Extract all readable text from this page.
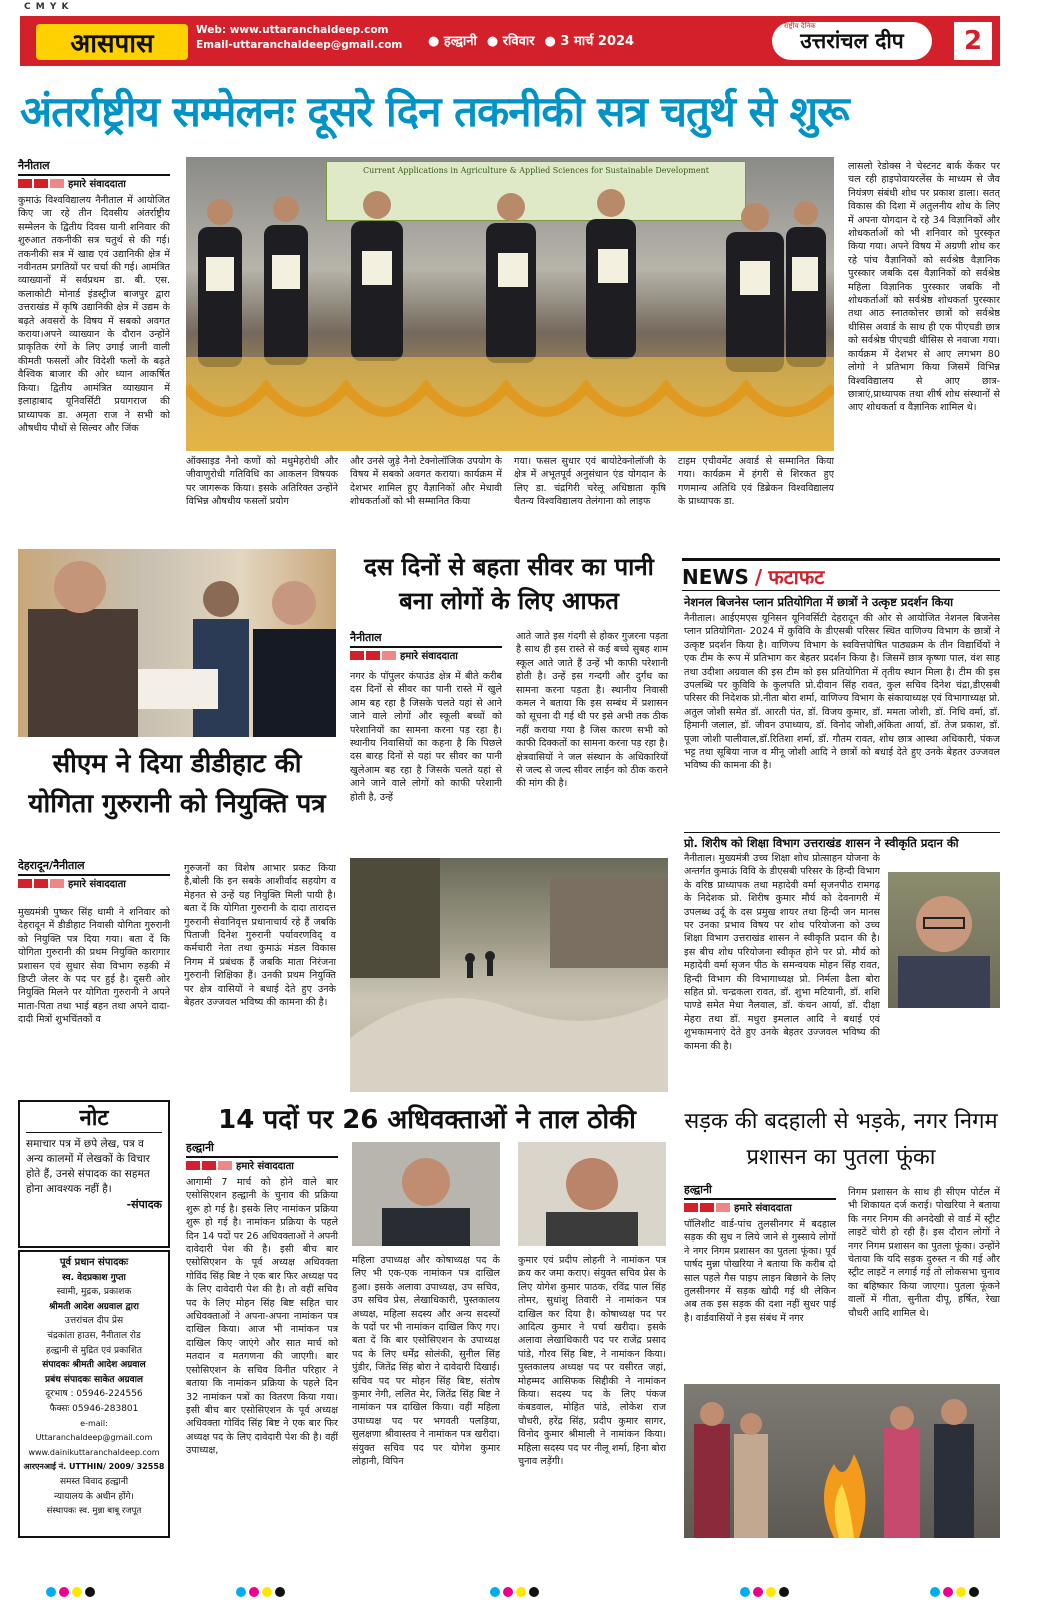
C M Y K
आसपास	Web: www.uttaranchaldeep.com
Email-uttaranchaldeep@gmail.com ● हल्द्वानी ● रविवार ● 3 मार्च 2024
राष्ट्रीय दैनिक
उत्तरांचल दीप	2
अंतर्राष्ट्रीय सम्मेलनः दूसरे दिन तकनीकी सत्र चतुर्थ से शुरू
नैनीताल
हमारे संवाददाता
कुमाऊं विश्वविद्यालय नैनीताल में आयोजित किए जा रहे तीन दिवसीय अंतर्राष्ट्रीय सम्मेलन के द्वितीय दिवस यानी शनिवार की शुरुआत तकनीकी सत्र चतुर्थ से की गई। तकनीकी सत्र में खाद्य एवं उद्यानिकी क्षेत्र में नवीनतम प्रगतियों पर चर्चा की गई। आमंत्रित व्याख्यानों में सर्वप्रथम डा. बी. एस. कलाकोटी मोनार्ड इंडस्ट्रीज बाजपुर द्वारा उत्तराखंड में कृषि उद्यानिकी क्षेत्र में उद्यम के बढ़ते अवसरों के विषय में सबको अवगत कराया।अपने व्याख्यान के दौरान उन्होंने प्राकृतिक रंगों के लिए उगाई जानी वाली कीमती फसलों और विदेशी फलों के बढ़ते वैश्विक बाजार की ओर ध्यान आकर्षित किया। द्वितीय आमंत्रित व्याख्यान में इलाहाबाद यूनिवर्सिटी प्रयागराज की प्राध्यापक डा. अमृता राज ने सभी को औषधीय पौधों से सिल्वर और जिंक
Current Applications in Agriculture & Applied Sciences for Sustainable Development
ऑक्साइड नैनो कणों को मधुमेहरोधी और जीवाणुरोधी गतिविधि का आकलन विषयक पर जागरूक किया। इसके अतिरिक्त उन्होंने विभिन्न औषधीय फसलों प्रयोग
और उनसे जुड़े नैनो टेक्नोलॉजिक उपयोग के विषय में सबको अवगत कराया। कार्यक्रम में देशभर शामिल हुए वैज्ञानिकों और मेधावी शोधकर्ताओं को भी सम्मानित किया
गया। फसल सुधार एवं बायोटेक्नोलॉजी के क्षेत्र में अभूतपूर्व अनुसंधान एंड योगदान के लिए डा. चंद्रगिरी चरेलू अधिष्ठाता कृषि चैतन्य विश्वविद्यालय तेलंगाना को लाइफ
टाइम एचीवमेंट अवार्ड से सम्मानित किया गया। कार्यक्रम में हंगरी से शिरकत हुए गणमान्य अतिथि एवं डिब्रेकन विश्वविद्यालय के प्राध्यापक डा.
लासलो रेडोक्स ने चेस्टनट बार्क केंकर पर चल रही हाइपोवायरलेंस के माध्यम से जैव नियंत्रण संबंधी शोध पर प्रकाश डाला। सतत् विकास की दिशा में अतुलनीय शोध के लिए में अपना योगदान दे रहे 34 विज्ञानिकों और शोधकर्ताओं को भी शनिवार को पुरस्कृत किया गया। अपने विषय में अग्रणी शोध कर रहे पांच वैज्ञानिकों को सर्वश्रेष्ठ वैज्ञानिक पुरस्कार जबकि दस वैज्ञानिकों को सर्वश्रेष्ठ महिला विज्ञानिक पुरस्कार जबकि नौ शोधकर्ताओं को सर्वश्रेष्ठ शोधकर्ता पुरस्कार तथा आठ स्नातकोत्तर छात्रों को सर्वश्रेष्ठ थीसिस अवार्ड के साथ ही एक पीएचडी छात्र को सर्वश्रेष्ठ पीएचडी थीसिस से नवाजा गया। कार्यक्रम में देशभर से आए लगभग 80 लोगो ने प्रतिभाग किया जिसमें विभिन्न विश्वविद्यालय से आए छात्र-छात्राएं,प्राध्यापक तथा शीर्ष शोध संस्थानों से आए शोधकर्ता व वैज्ञानिक शामिल थे।
सीएम ने दिया डीडीहाट की योगिता गुरुरानी को नियुक्ति पत्र
देहरादून/नैनीताल
हमारे संवाददाता
मुख्यमंत्री पुष्कर सिंह धामी ने शनिवार को देहरादून में डीडीहाट निवासी योगिता गुरुरानी को नियुक्ति पत्र दिया गया। बता दें कि योगिता गुरुरानी की प्रथम नियुक्ति कारागार प्रशासन एवं सुधार सेवा विभाग रुड़की में डिप्टी जेलर के पद पर हुई है। दूसरी ओर नियुक्ति मिलने पर योगिता गुरुरानी ने अपने माता-पिता तथा भाई बहन तथा अपने दादा-दादी मित्रों शुभचिंतकों व
गुरुजनों का विशेष आभार प्रकट किया है,बोली कि इन सबके आशीर्वाद सहयोग व मेहनत से उन्हें यह नियुक्ति मिली पायी है। बता दें कि योगिता गुरुरानी के दादा तारादत्त गुरुरानी सेवानिवृत्त प्रधानाचार्य रहे हैं जबकि पिताजी दिनेश गुरुरानी पर्यावरणविद् व कर्मचारी नेता तथा कुमाऊं मंडल विकास निगम में प्रबंधक हैं जबकि माता निरंजना गुरुरानी शिक्षिका हैं। उनकी प्रथम नियुक्ति पर क्षेत्र वासियों ने बधाई देते हुए उनके बेहतर उज्जवल भविष्य की कामना की है।
दस दिनों से बहता सीवर का पानी बना लोगों के लिए आफत
नैनीताल
हमारे संवाददाता
नगर के पॉपुलर कंपाउंड क्षेत्र में बीते करीब दस दिनों से सीवर का पानी रास्ते में खुले आम बह रहा है जिसके चलते यहां से आने जाने वाले लोगों और स्कूली बच्चों को परेशानियों का सामना करना पड़ रहा है। स्थानीय निवासियों का कहना है कि पिछले दस बारह दिनों से यहां पर सीवर का पानी खुलेआम बह रहा है जिसके चलते यहां से आने जाने वाले लोगों को काफी परेशानी होती है, उन्हें
आते जाते इस गंदगी से होकर गुजरना पड़ता है साथ ही इस रास्ते से कई बच्चे सुबह शाम स्कूल आते जाते हैं उन्हें भी काफी परेशानी होती है। उन्हें इस गन्दगी और दुर्गंध का सामना करना पड़ता है। स्थानीय निवासी कमल ने बताया कि इस सम्बंध में प्रशासन को सूचना दी गई थी पर इसे अभी तक ठीक नहीं कराया गया है जिस कारण सभी को काफी दिक्कतों का सामना करना पड़ रहा है। क्षेत्रवासियों ने जल संस्थान के अधिकारियों से जल्द से जल्द सीवर लाईन को ठीक कराने की मांग की है।
NEWS / फटाफट
नेशनल बिजनेस प्लान प्रतियोगिता में छात्रों ने उत्कृष्ट प्रदर्शन किया
नैनीताल। आईएमएस यूनिसन यूनिवर्सिटी देहरादून की ओर से आयोजित नेशनल बिजनेस प्लान प्रतियोगिता- 2024 में कुविवि के डीएसबी परिसर स्थित वाणिज्य विभाग के छात्रों ने उत्कृष्ट प्रदर्शन किया है। वाणिज्य विभाग के स्ववित्तपोषित पाठ्यक्रम के तीन विद्यार्थियों ने एक टीम के रूप में प्रतिभाग कर बेहतर प्रदर्शन किया है। जिसमें छात्र कृष्णा पाल, वंश साह तथा उदीशा अग्रवाल की इस टीम को इस प्रतियोगिता में तृतीय स्थान मिला है। टीम की इस उपलब्धि पर कुविवि के कुलपति प्रो.दीवान सिंह रावत, कुल सचिव दिनेश चंद्रा,डीएसबी परिसर की निदेशक प्रो.नीता बोरा शर्मा, वाणिज्य विभाग के संकायाध्यक्ष एवं विभागाध्यक्ष प्रो. अतुल जोशी समेत डॉ. आरती पंत, डॉ. विजय कुमार, डॉ. ममता जोशी, डॉ. निधि वर्मा, डॉ. हिमानी जलाल, डॉ. जीवन उपाध्याय, डॉ. विनोद जोशी,अंकिता आर्या, डॉ. तेज प्रकाश, डॉ. पूजा जोशी पालीवाल,डॉ.रितिशा शर्मा, डॉ. गौतम रावत, शोध छात्र आस्था अधिकारी, पंकज भट्ट तथा सूबिया नाज व मीनू जोशी आदि ने छात्रों को बधाई देते हुए उनके बेहतर उज्जवल भविष्य की कामना की है।
प्रो. शिरीष को शिक्षा विभाग उत्तराखंड शासन ने स्वीकृति प्रदान की
नैनीताल। मुख्यमंत्री उच्च शिक्षा शोध प्रोत्साहन योजना के अन्तर्गत कुमाऊं विवि के डीएसबी परिसर के हिन्दी विभाग के वरिष्ठ प्राध्यापक तथा महादेवी वर्मा सृजनपीठ रामगढ़ के निदेशक प्रो. शिरीष कुमार मौर्य को देवनागरी में उपलब्ध उर्दू के दस प्रमुख शायर तथा हिन्दी जन मानस पर उनका प्रभाव विषय पर शोध परियोजना को उच्च शिक्षा विभाग उत्तराखंड शासन ने स्वीकृति प्रदान की है। इस बीच शोध परियोजना स्वीकृत होने पर प्रो. मौर्य को महादेवी वर्मा सृजन पीठ के समन्वयक मोहन सिंह रावत, हिन्दी विभाग की विभागाध्यक्ष प्रो. निर्मला ढैला बोरा सहित प्रो. चन्द्रकला रावत, डॉ. शुभा मटियानी, डॉ. शशि पाण्डे समेत मेधा नैलवाल, डॉ. कंचन आर्या, डॉ. दीक्षा मेहरा तथा डॉ. मधुरा इमलाल आदि ने बधाई एवं शुभकामनाएं देते हुए उनके बेहतर उज्जवल भविष्य की कामना की है।
नोट
समाचार पत्र में छपे लेख, पत्र व अन्य कालमों में लेखकों के विचार होते हैं, उनसे संपादक का सहमत होना आवश्यक नहीं है।
-संपादक
पूर्व प्रधान संपादकः
स्व. वेदप्रकाश गुप्ता
स्वामी, मुद्रक, प्रकाशक
श्रीमती आदेश अग्रवाल द्वारा
उत्तरांचल दीप प्रेस
चंद्रकांता हाउस, नैनीताल रोड
हल्द्वानी से मुद्रित एवं प्रकाशित
संपादकः श्रीमती आदेश अग्रवाल
प्रबंध संपादकः साकेत अग्रवाल
दूरभाष : 05946-224556
फैक्सः 05946-283801
e-mail: Uttaranchaldeep@gmail.com
www.dainikuttaranchaldeep.com
आरएनआई नं. UTTHIN/ 2009/ 32558
समस्त विवाद हल्द्वानी
न्यायालय के अधीन होंगे।
संस्थापकः स्व. मुन्ना बाबू रजपूत
14 पदों पर 26 अधिवक्ताओं ने ताल ठोकी
हल्द्वानी
हमारे संवाददाता
आगामी 7 मार्च को होने वाले बार एसोसिएशन हल्द्वानी के चुनाव की प्रक्रिया शुरू हो गई है। इसके लिए नामांकन प्रक्रिया शुरू हो गई है। नामांकन प्रक्रिया के पहले दिन 14 पदों पर 26 अधिवक्ताओं ने अपनी दावेदारी पेश की है। इसी बीच बार एसोसिएशन के पूर्व अध्यक्ष अधिवक्ता गोविंद सिंह बिष्ट ने एक बार फिर अध्यक्ष पद के लिए दावेदारी पेश की है। तो वहीं सचिव पद के लिए मोहन सिंह बिष्ट सहित चार अधिवक्ताओं ने अपना-अपना नामांकन पत्र दाखिल किया। आज भी नामांकन पत्र दाखिल किए जाएंगे और सात मार्च को मतदान व मतगणना की जाएगी। बार एसोसिएशन के सचिव विनीत परिहार ने बताया कि नामांकन प्रक्रिया के पहले दिन 32 नामांकन पत्रों का वितरण किया गया। इसी बीच बार एसोसिएशन के पूर्व अध्यक्ष अधिवक्ता गोविंद सिंह बिष्ट ने एक बार फिर अध्यक्ष पद के लिए दावेदारी पेश की है। वहीं उपाध्यक्ष,
महिला उपाध्यक्ष और कोषाध्यक्ष पद के लिए भी एक-एक नामांकन पत्र दाखिल हुआ। इसके अलावा उपाध्यक्ष, उप सचिव, उप सचिव प्रेस, लेखाधिकारी, पुस्तकालय अध्यक्ष, महिला सदस्य और अन्य सदस्यों के पदों पर भी नामांकन दाखिल किए गए। बता दें कि बार एसोसिएशन के उपाध्यक्ष पद के लिए धर्मेंद्र सोलंकी, सुनील सिंह पुंडीर, जितेंद्र सिंह बोरा ने दावेदारी दिखाई। सचिव पद पर मोहन सिंह बिष्ट, संतोष कुमार नेगी, ललित मेर, जितेंद्र सिंह बिष्ट ने नामांकन पत्र दाखिल किया। वहीं महिला उपाध्यक्ष पद पर भगवती पलड़िया, सुलक्षणा श्रीवास्तव ने नामांकन पत्र खरीदा। संयुक्त सचिव पद पर योगेश कुमार लोहानी, विपिन
कुमार एवं प्रदीप लोहनी ने नामांकन पत्र क्रय कर जमा कराए। संयुक्त सचिव प्रेस के लिए योगेश कुमार पाठक, रविंद्र पाल सिंह तोमर, सुधांशु तिवारी ने नामांकन पत्र दाखिल कर दिया है। कोषाध्यक्ष पद पर आदित्य कुमार ने पर्चा खरीदा। इसके अलावा लेखाधिकारी पद पर राजेंद्र प्रसाद पांडे, गौरव सिंह बिष्ट, ने नामांकन किया। पुस्तकालय अध्यक्ष पद पर वसीरत जहां, मोहम्मद आसिफक सिद्दीकी ने नामांकन किया। सदस्य पद के लिए पंकज कंबडवाल, मोहित पांडे, लोकेश राज चौधरी, हरेंद्र सिंह, प्रदीप कुमार सागर, विनोद कुमार श्रीमाली ने नामांकन किया। महिला सदस्य पद पर नीलू शर्मा, हिना बोरा चुनाव लड़ेंगी।
सड़क की बदहाली से भड़के, नगर निगम प्रशासन का पुतला फूंका
हल्द्वानी
हमारे संवाददाता
पॉलिशीट वार्ड-पांच तुलसीनगर में बदहाल सड़क की सुध न लिये जाने से गुस्साये लोगों ने नगर निगम प्रशासन का पुतला फूंका। पूर्व पार्षद मुन्ना पोखरिया ने बताया कि करीब दो साल पहले गैस पाइप लाइन बिछाने के लिए तुलसीनगर में सड़क खोदी गई थी लेकिन अब तक इस सड़क की दशा नहीं सुधर पाई है। वार्डवासियों ने इस संबंध में नगर
निगम प्रशासन के साथ ही सीएम पोर्टल में भी शिकायत दर्ज कराई। पोखरिया ने बताया कि नगर निगम की अनदेखी से वार्ड में स्ट्रीट लाइटें चोरी हो रही हैं। इस दौरान लोगों ने नगर निगम प्रशासन का पुतला फूंका। उन्होंने चेताया कि यदि सड़क दुरुस्त न की गई और स्ट्रीट लाइटें न लगाई गई तो लोकसभा चुनाव का बहिष्कार किया जाएगा। पुतला फूंकने वालों में गीता, सुनीता दीपू, हर्षित, रेखा चौधरी आदि शामिल थे।
